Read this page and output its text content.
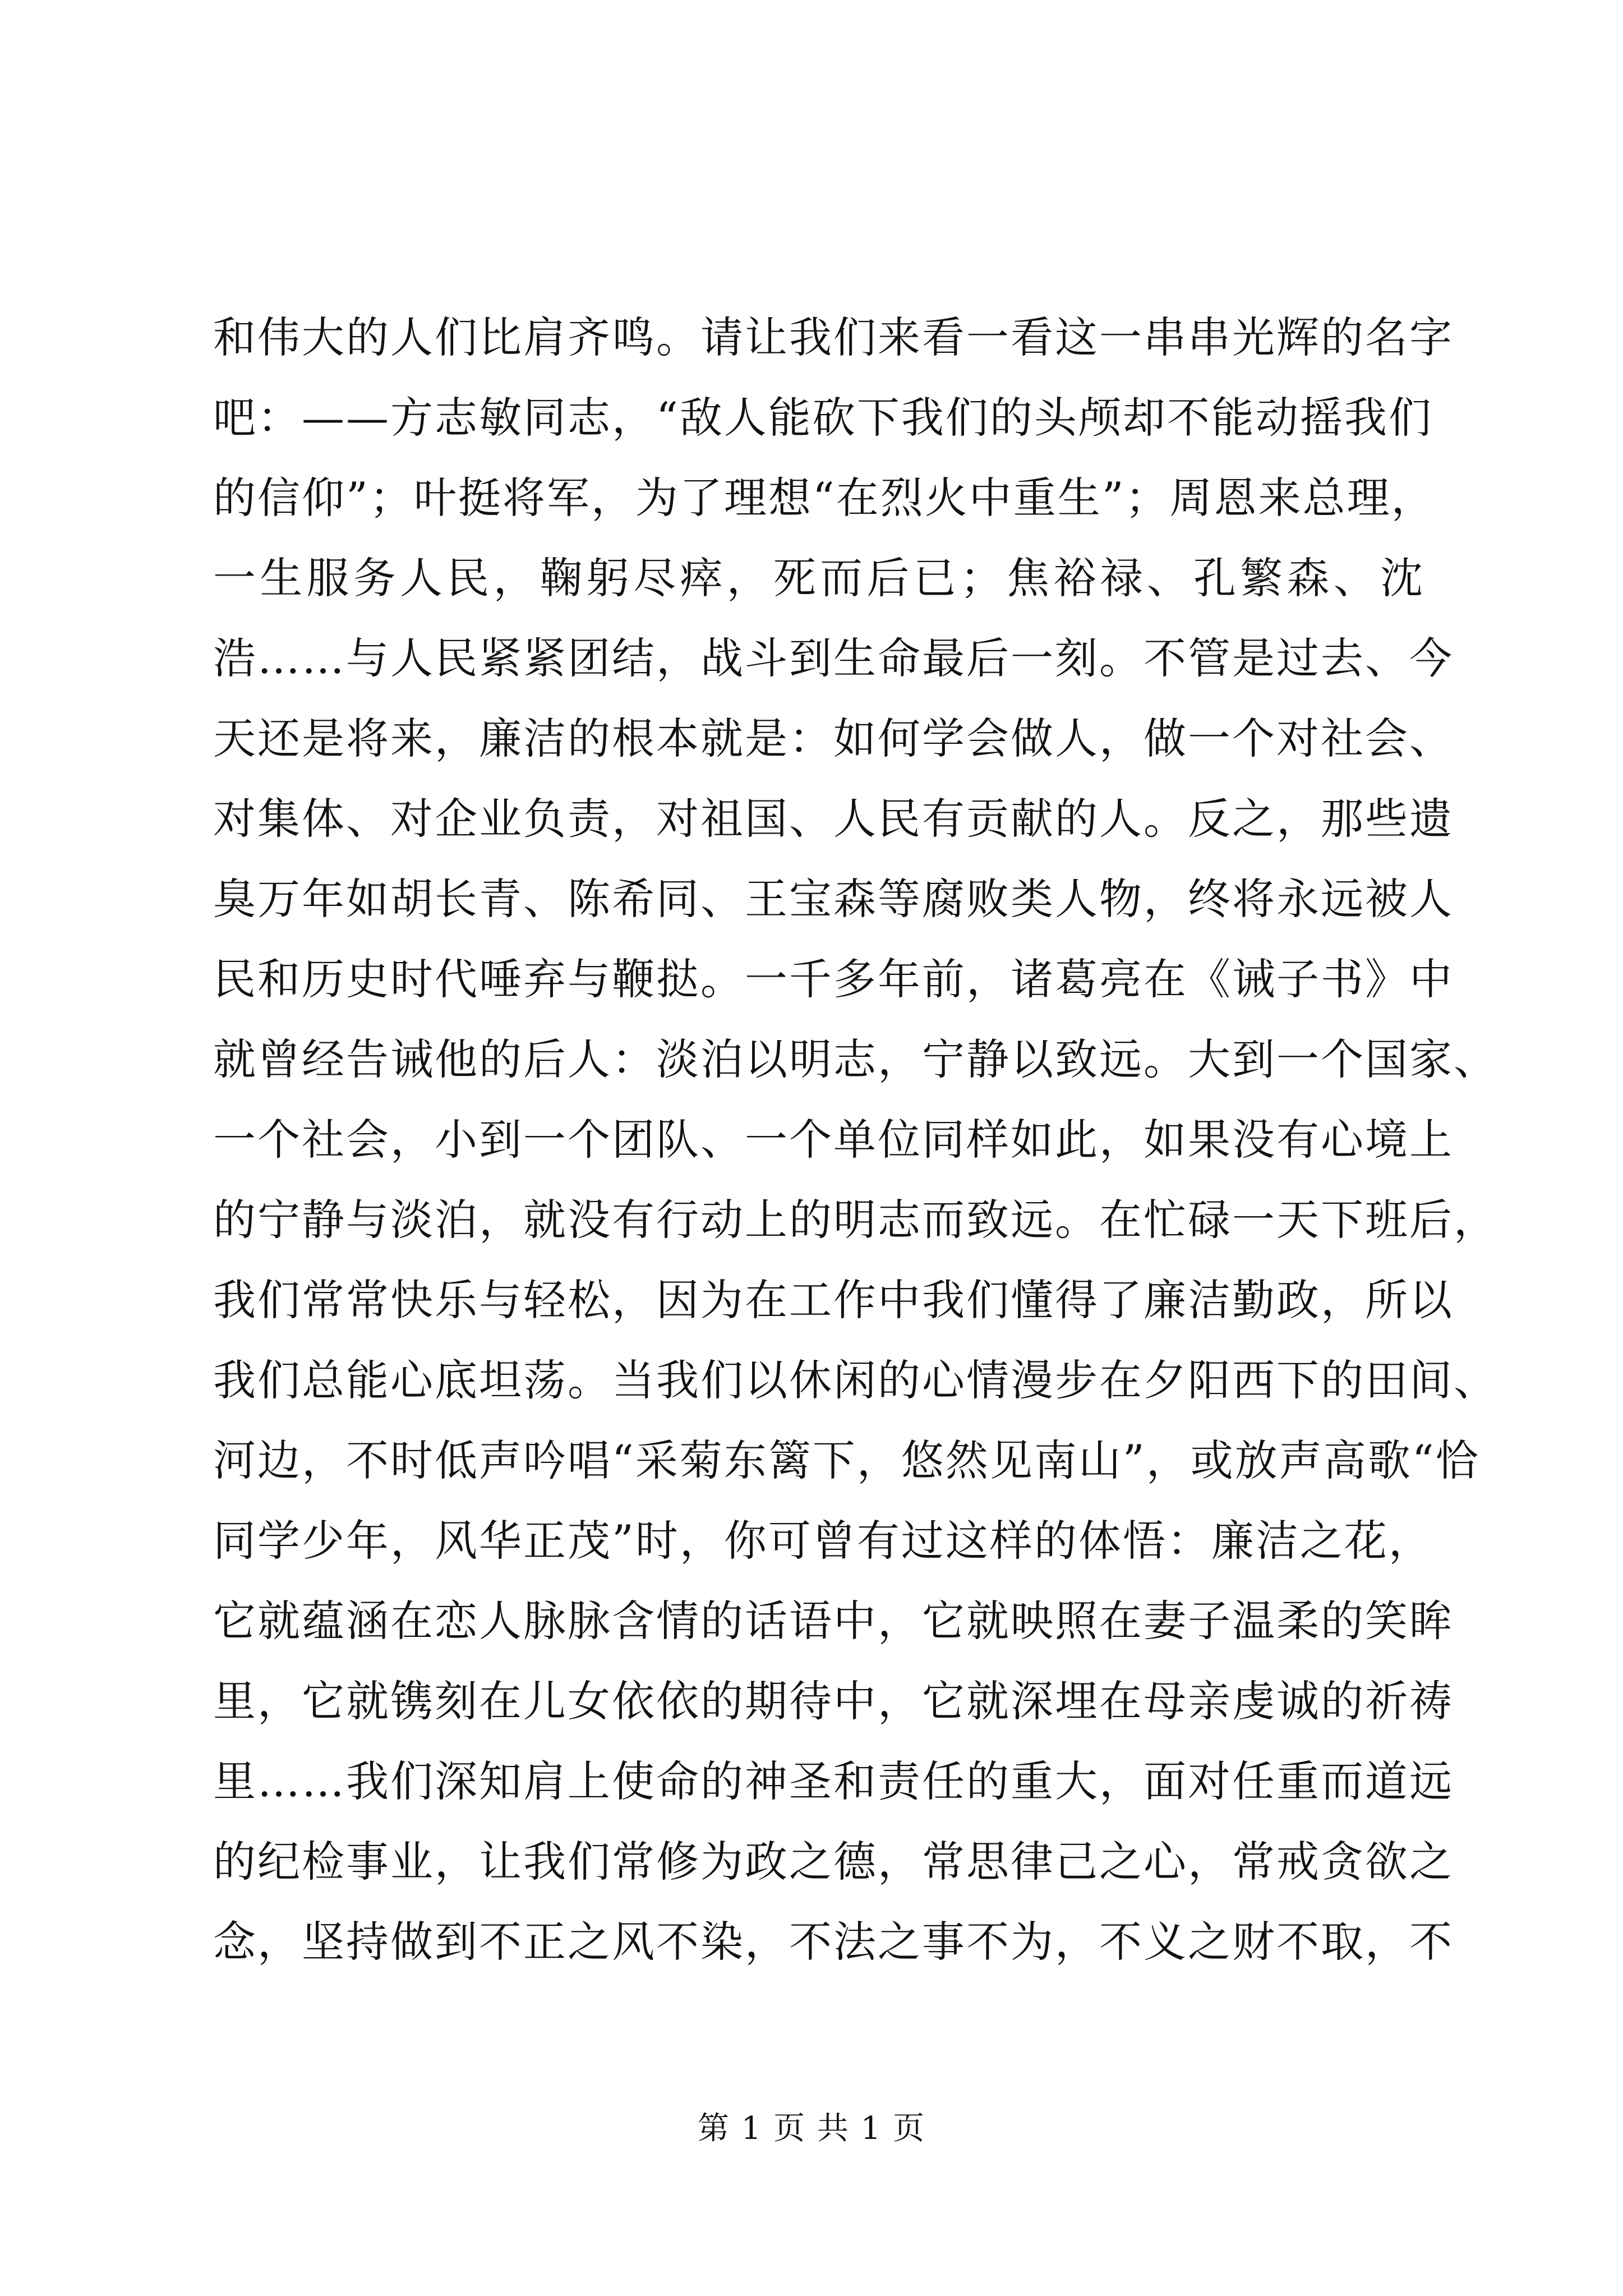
和伟大的人们比肩齐鸣。请让我们来看一看这一串串光辉的名字
吧：——方志敏同志，“敌人能砍下我们的头颅却不能动摇我们
的信仰”；叶挺将军，为了理想“在烈火中重生”；周恩来总理，
一生服务人民，鞠躬尽瘁，死而后已；焦裕禄、孔繁森、沈
浩……与人民紧紧团结，战斗到生命最后一刻。不管是过去、今
天还是将来，廉洁的根本就是：如何学会做人，做一个对社会、
对集体、对企业负责，对祖国、人民有贡献的人。反之，那些遗
臭万年如胡长青、陈希同、王宝森等腐败类人物，终将永远被人
民和历史时代唾弃与鞭挞。一千多年前，诸葛亮在《诫子书》中
就曾经告诫他的后人：淡泊以明志，宁静以致远。大到一个国家、
一个社会，小到一个团队、一个单位同样如此，如果没有心境上
的宁静与淡泊，就没有行动上的明志而致远。在忙碌一天下班后，
我们常常快乐与轻松，因为在工作中我们懂得了廉洁勤政，所以
我们总能心底坦荡。当我们以休闲的心情漫步在夕阳西下的田间、
河边，不时低声吟唱“采菊东篱下，悠然见南山”，或放声高歌“恰
同学少年，风华正茂”时，你可曾有过这样的体悟：廉洁之花，
它就蕴涵在恋人脉脉含情的话语中，它就映照在妻子温柔的笑眸
里，它就镌刻在儿女依依的期待中，它就深埋在母亲虔诚的祈祷
里……我们深知肩上使命的神圣和责任的重大，面对任重而道远
的纪检事业，让我们常修为政之德，常思律己之心，常戒贪欲之
念，坚持做到不正之风不染，不法之事不为，不义之财不取，不
第 1 页 共 1 页
